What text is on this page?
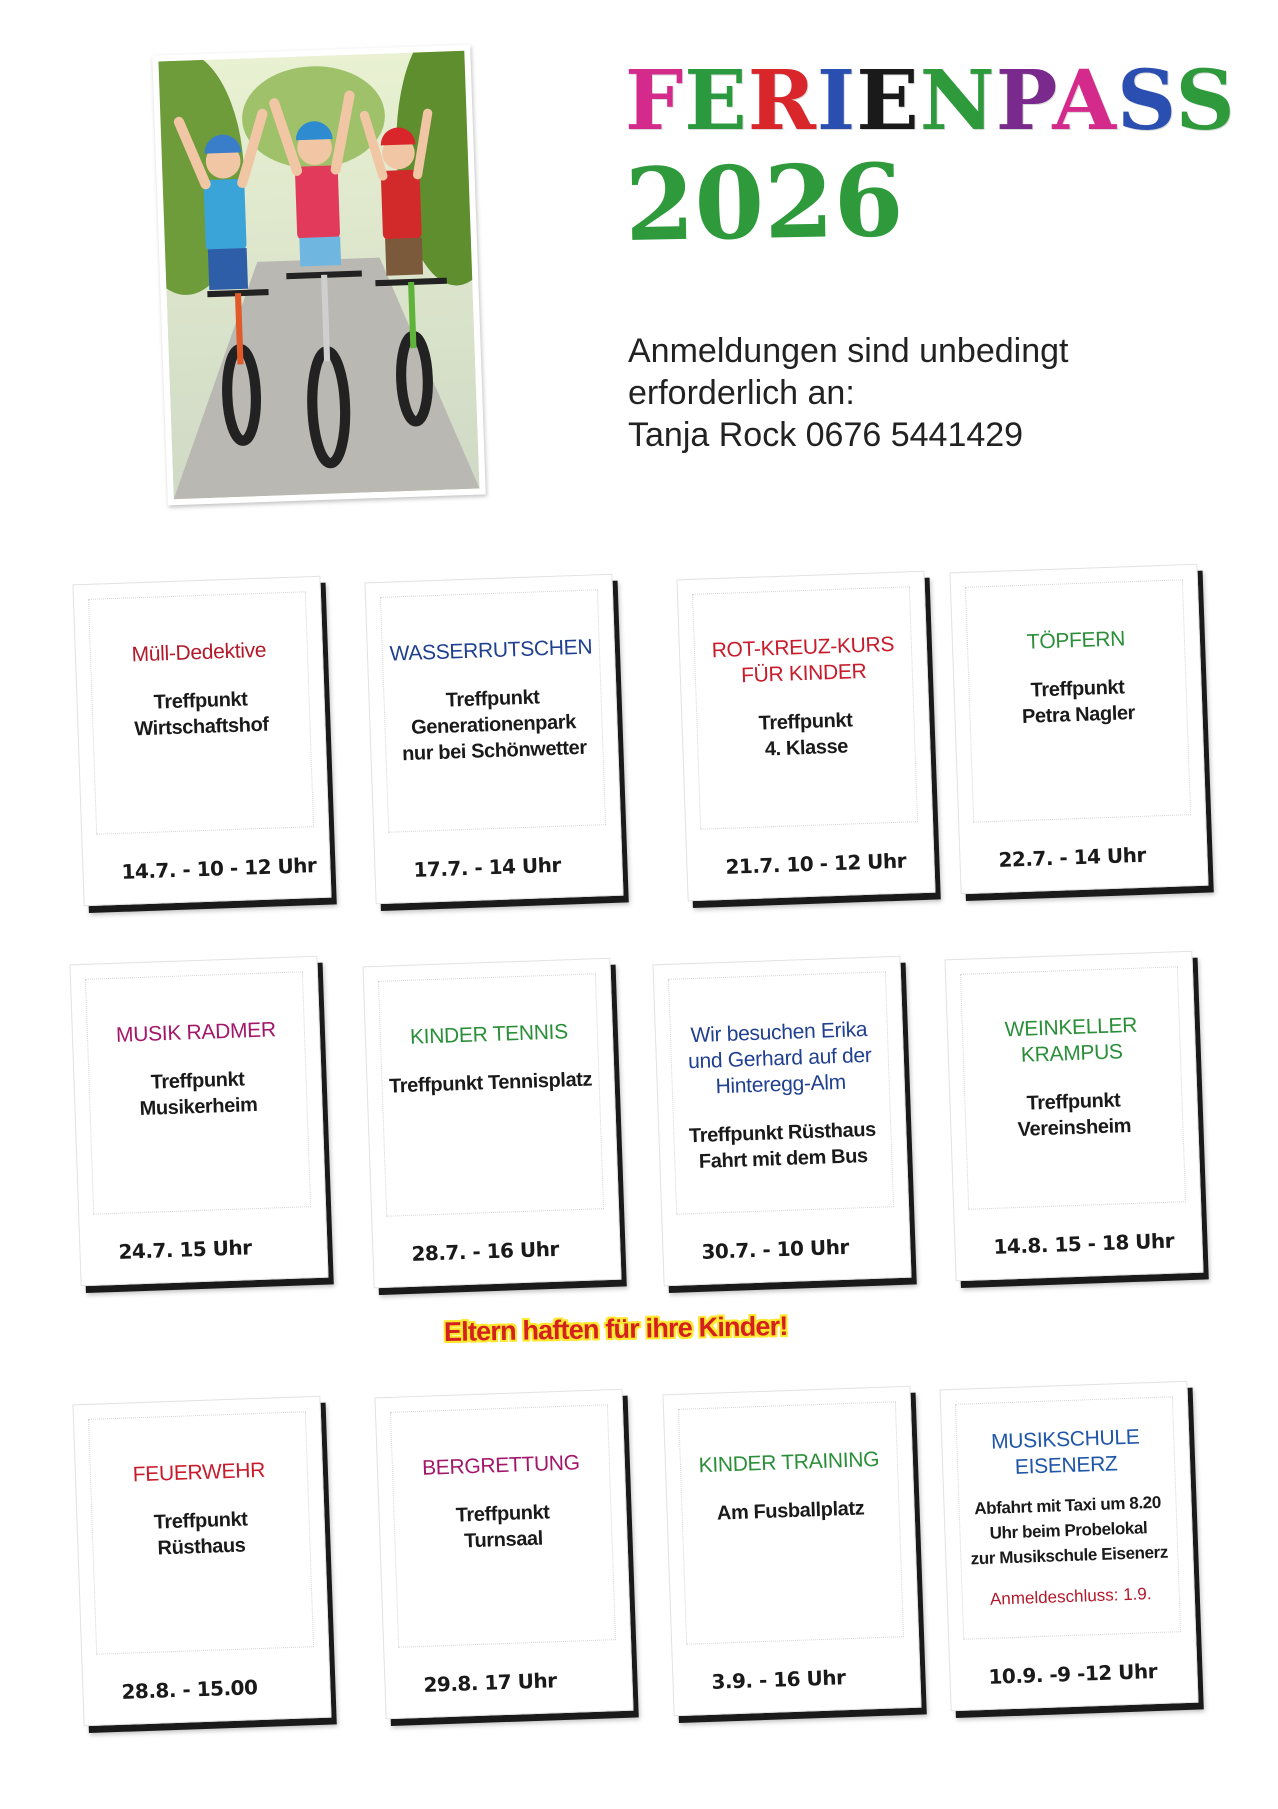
FERIENPASS
2026
Anmeldungen sind unbedingt
erforderlich an:
Tanja Rock 0676 5441429
Müll-Dedektive
Treffpunkt
Wirtschaftshof
14.7. - 10 - 12 Uhr
WASSERRUTSCHEN
Treffpunkt
Generationenpark
nur bei Schönwetter
17.7. - 14 Uhr
ROT-KREUZ-KURS
FÜR KINDER
Treffpunkt
4. Klasse
21.7. 10 - 12 Uhr
TÖPFERN
Treffpunkt
Petra Nagler
22.7. - 14 Uhr
MUSIK RADMER
Treffpunkt
Musikerheim
24.7. 15 Uhr
KINDER TENNIS
Treffpunkt Tennisplatz
28.7. - 16 Uhr
Wir besuchen Erika
und Gerhard auf der
Hinteregg-Alm
Treffpunkt Rüsthaus
Fahrt mit dem Bus
30.7. - 10 Uhr
WEINKELLER
KRAMPUS
Treffpunkt
Vereinsheim
14.8. 15 - 18 Uhr
FEUERWEHR
Treffpunkt
Rüsthaus
28.8. - 15.00
BERGRETTUNG
Treffpunkt
Turnsaal
29.8. 17 Uhr
KINDER TRAINING
Am Fusballplatz
3.9. - 16 Uhr
MUSIKSCHULE
EISENERZ
Abfahrt mit Taxi um 8.20
Uhr beim Probelokal
zur Musikschule Eisenerz
Anmeldeschluss: 1.9.
10.9. -9 -12 Uhr
Eltern haften für ihre Kinder!
